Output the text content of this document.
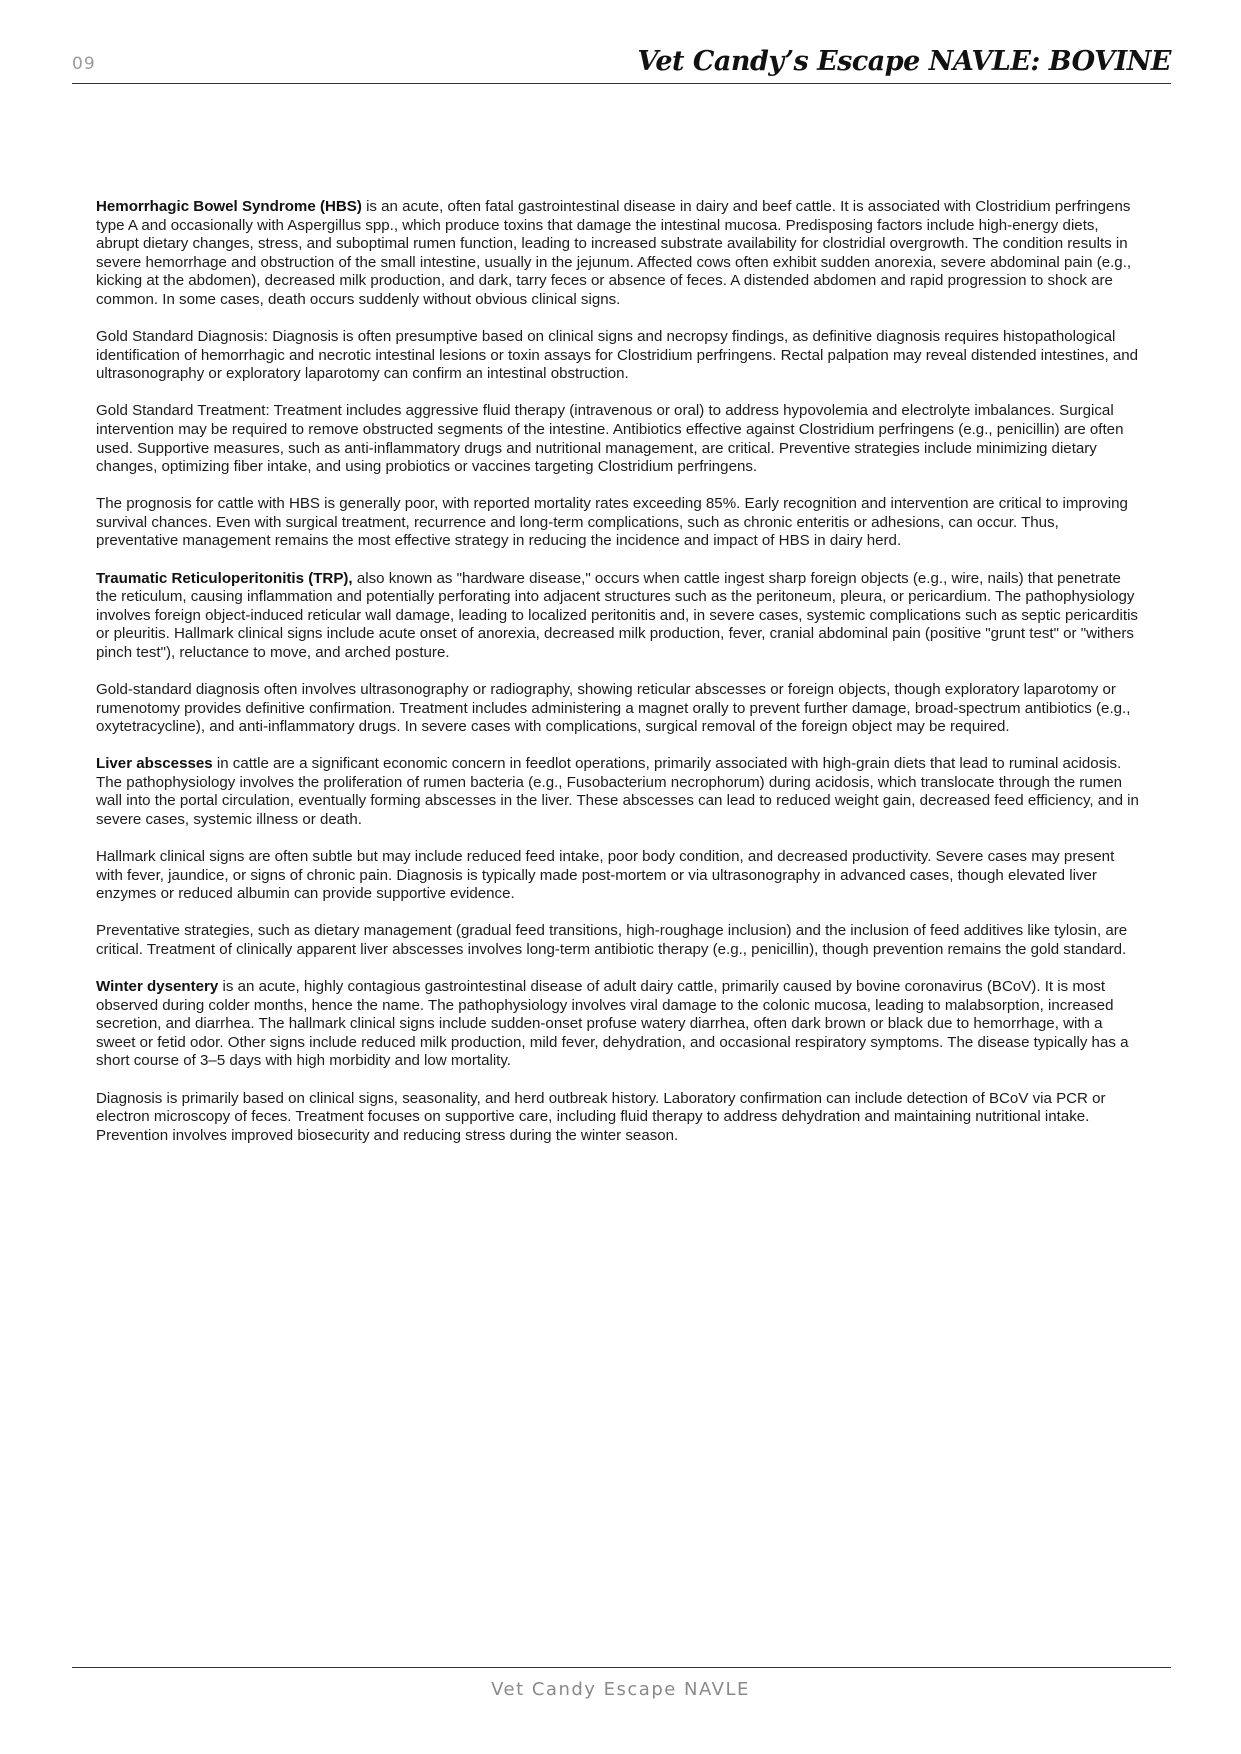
09	Vet Candy’s Escape NAVLE: BOVINE

Hemorrhagic Bowel Syndrome (HBS) is an acute, often fatal gastrointestinal disease in dairy and beef cattle. It is associated with Clostridium perfringens type A and occasionally with Aspergillus spp., which produce toxins that damage the intestinal mucosa. Predisposing factors include high-energy diets, abrupt dietary changes, stress, and suboptimal rumen function, leading to increased substrate availability for clostridial overgrowth. The condition results in severe hemorrhage and obstruction of the small intestine, usually in the jejunum. Affected cows often exhibit sudden anorexia, severe abdominal pain (e.g., kicking at the abdomen), decreased milk production, and dark, tarry feces or absence of feces. A distended abdomen and rapid progression to shock are common. In some cases, death occurs suddenly without obvious clinical signs.

Gold Standard Diagnosis: Diagnosis is often presumptive based on clinical signs and necropsy findings, as definitive diagnosis requires histopathological identification of hemorrhagic and necrotic intestinal lesions or toxin assays for Clostridium perfringens. Rectal palpation may reveal distended intestines, and ultrasonography or exploratory laparotomy can confirm an intestinal obstruction.

Gold Standard Treatment: Treatment includes aggressive fluid therapy (intravenous or oral) to address hypovolemia and electrolyte imbalances. Surgical intervention may be required to remove obstructed segments of the intestine. Antibiotics effective against Clostridium perfringens (e.g., penicillin) are often used. Supportive measures, such as anti-inflammatory drugs and nutritional management, are critical. Preventive strategies include minimizing dietary changes, optimizing fiber intake, and using probiotics or vaccines targeting Clostridium perfringens.

The prognosis for cattle with HBS is generally poor, with reported mortality rates exceeding 85%. Early recognition and intervention are critical to improving survival chances. Even with surgical treatment, recurrence and long-term complications, such as chronic enteritis or adhesions, can occur. Thus, preventative management remains the most effective strategy in reducing the incidence and impact of HBS in dairy herd.

Traumatic Reticuloperitonitis (TRP), also known as "hardware disease," occurs when cattle ingest sharp foreign objects (e.g., wire, nails) that penetrate the reticulum, causing inflammation and potentially perforating into adjacent structures such as the peritoneum, pleura, or pericardium. The pathophysiology involves foreign object-induced reticular wall damage, leading to localized peritonitis and, in severe cases, systemic complications such as septic pericarditis or pleuritis. Hallmark clinical signs include acute onset of anorexia, decreased milk production, fever, cranial abdominal pain (positive "grunt test" or "withers pinch test"), reluctance to move, and arched posture.

Gold-standard diagnosis often involves ultrasonography or radiography, showing reticular abscesses or foreign objects, though exploratory laparotomy or rumenotomy provides definitive confirmation. Treatment includes administering a magnet orally to prevent further damage, broad-spectrum antibiotics (e.g., oxytetracycline), and anti-inflammatory drugs. In severe cases with complications, surgical removal of the foreign object may be required.

Liver abscesses in cattle are a significant economic concern in feedlot operations, primarily associated with high-grain diets that lead to ruminal acidosis. The pathophysiology involves the proliferation of rumen bacteria (e.g., Fusobacterium necrophorum) during acidosis, which translocate through the rumen wall into the portal circulation, eventually forming abscesses in the liver. These abscesses can lead to reduced weight gain, decreased feed efficiency, and in severe cases, systemic illness or death.

Hallmark clinical signs are often subtle but may include reduced feed intake, poor body condition, and decreased productivity. Severe cases may present with fever, jaundice, or signs of chronic pain. Diagnosis is typically made post-mortem or via ultrasonography in advanced cases, though elevated liver enzymes or reduced albumin can provide supportive evidence.

Preventative strategies, such as dietary management (gradual feed transitions, high-roughage inclusion) and the inclusion of feed additives like tylosin, are critical. Treatment of clinically apparent liver abscesses involves long-term antibiotic therapy (e.g., penicillin), though prevention remains the gold standard.

Winter dysentery is an acute, highly contagious gastrointestinal disease of adult dairy cattle, primarily caused by bovine coronavirus (BCoV). It is most observed during colder months, hence the name. The pathophysiology involves viral damage to the colonic mucosa, leading to malabsorption, increased secretion, and diarrhea. The hallmark clinical signs include sudden-onset profuse watery diarrhea, often dark brown or black due to hemorrhage, with a sweet or fetid odor. Other signs include reduced milk production, mild fever, dehydration, and occasional respiratory symptoms. The disease typically has a short course of 3–5 days with high morbidity and low mortality.

Diagnosis is primarily based on clinical signs, seasonality, and herd outbreak history. Laboratory confirmation can include detection of BCoV via PCR or electron microscopy of feces. Treatment focuses on supportive care, including fluid therapy to address dehydration and maintaining nutritional intake. Prevention involves improved biosecurity and reducing stress during the winter season.

Vet Candy Escape NAVLE
